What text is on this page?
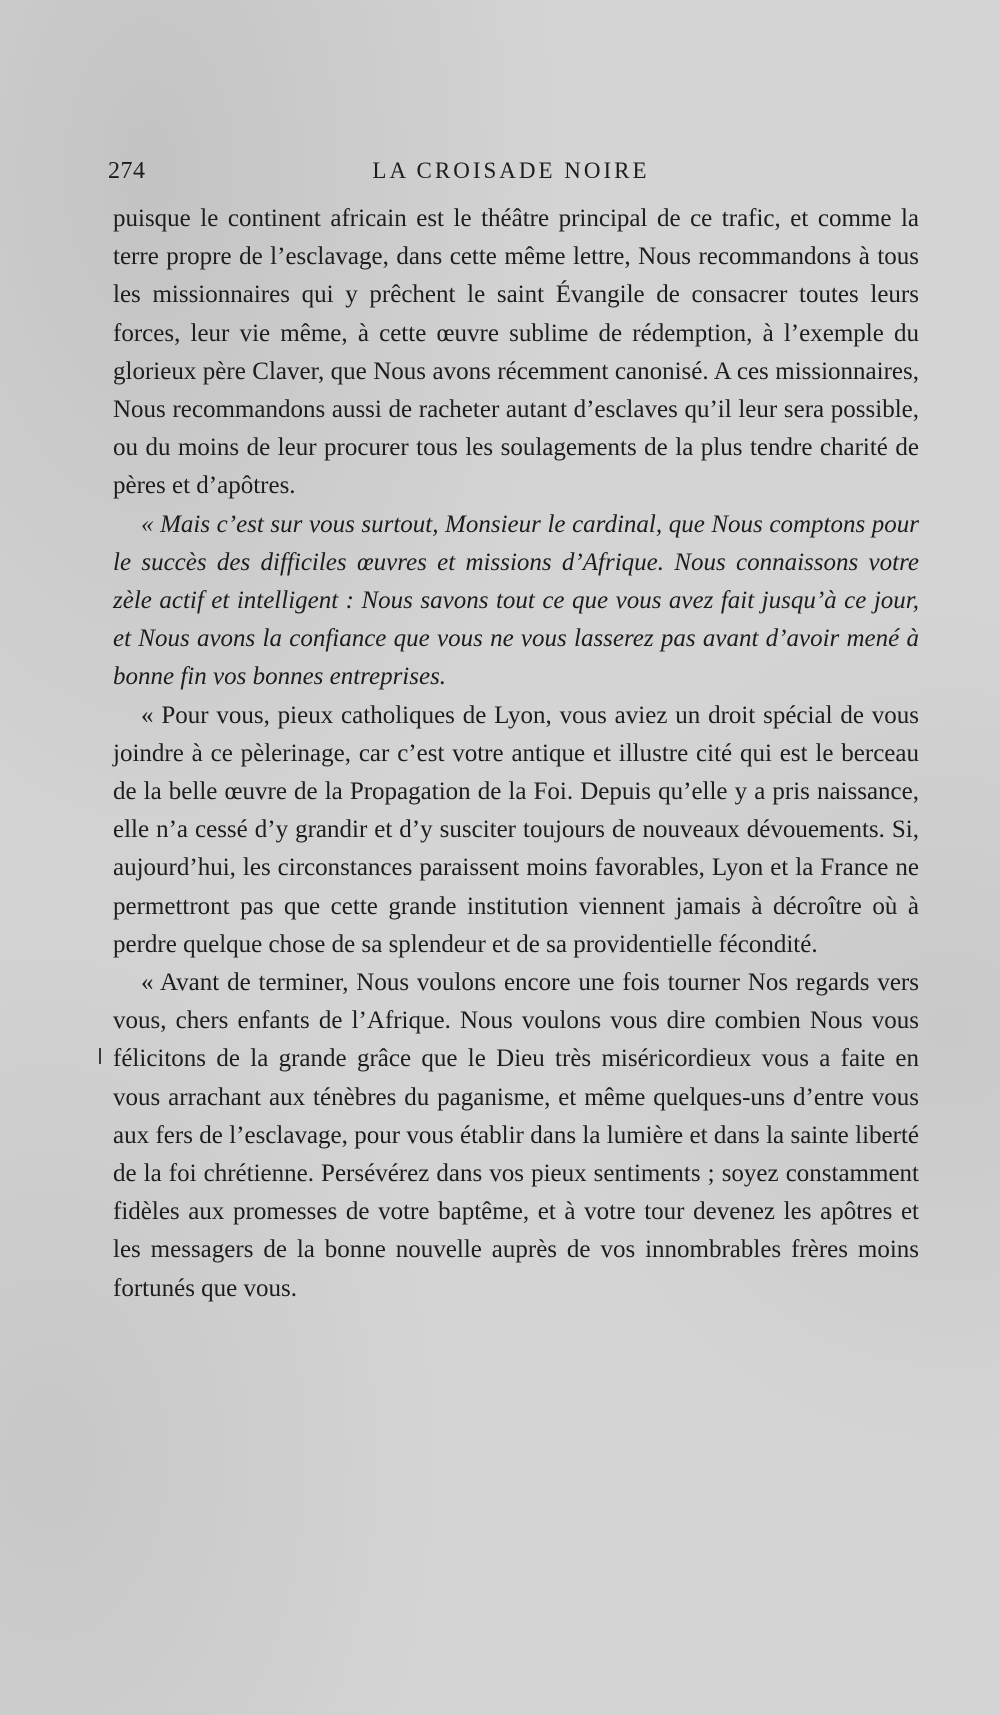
274	LA CROISADE NOIRE

puisque le continent africain est le théâtre principal de ce trafic, et comme la terre propre de l’esclavage, dans cette même lettre, Nous recommandons à tous les missionnaires qui y prêchent le saint Évangile de consacrer toutes leurs forces, leur vie même, à cette œuvre sublime de rédemption, à l’exemple du glorieux père Claver, que Nous avons récemment canonisé. A ces missionnaires, Nous recommandons aussi de racheter autant d’esclaves qu’il leur sera possible, ou du moins de leur procurer tous les soulagements de la plus tendre charité de pères et d’apôtres.

« Mais c’est sur vous surtout, Monsieur le cardinal, que Nous comptons pour le succès des difficiles œuvres et missions d’Afrique. Nous connaissons votre zèle actif et intelligent : Nous savons tout ce que vous avez fait jusqu’à ce jour, et Nous avons la confiance que vous ne vous lasserez pas avant d’avoir mené à bonne fin vos bonnes entreprises.

« Pour vous, pieux catholiques de Lyon, vous aviez un droit spécial de vous joindre à ce pèlerinage, car c’est votre antique et illustre cité qui est le berceau de la belle œuvre de la Propagation de la Foi. Depuis qu’elle y a pris naissance, elle n’a cessé d’y grandir et d’y susciter toujours de nouveaux dévouements. Si, aujourd’hui, les circonstances paraissent moins favorables, Lyon et la France ne permettront pas que cette grande institution viennent jamais à décroître où à perdre quelque chose de sa splendeur et de sa providentielle fécondité.

« Avant de terminer, Nous voulons encore une fois tourner Nos regards vers vous, chers enfants de l’Afrique. Nous voulons vous dire combien Nous vous félicitons de la grande grâce que le Dieu très miséricordieux vous a faite en vous arrachant aux ténèbres du paganisme, et même quelques-uns d’entre vous aux fers de l’esclavage, pour vous établir dans la lumière et dans la sainte liberté de la foi chrétienne. Persévérez dans vos pieux sentiments ; soyez constamment fidèles aux promesses de votre baptême, et à votre tour devenez les apôtres et les messagers de la bonne nouvelle auprès de vos innombrables frères moins fortunés que vous.
